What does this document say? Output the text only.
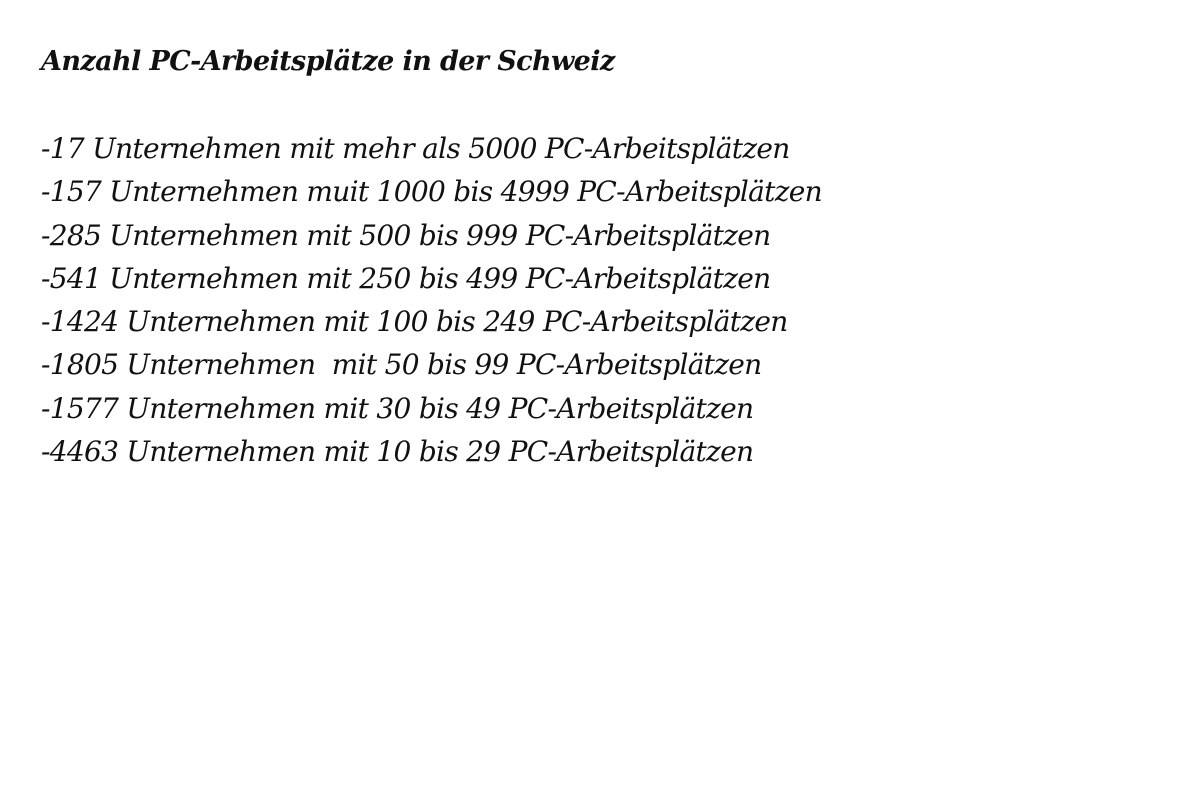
Anzahl PC-Arbeitsplätze in der Schweiz
-17 Unternehmen mit mehr als 5000 PC-Arbeitsplätzen
-157 Unternehmen muit 1000 bis 4999 PC-Arbeitsplätzen
-285 Unternehmen mit 500 bis 999 PC-Arbeitsplätzen
-541 Unternehmen mit 250 bis 499 PC-Arbeitsplätzen
-1424 Unternehmen mit 100 bis 249 PC-Arbeitsplätzen
-1805 Unternehmen  mit 50 bis 99 PC-Arbeitsplätzen
-1577 Unternehmen mit 30 bis 49 PC-Arbeitsplätzen
-4463 Unternehmen mit 10 bis 29 PC-Arbeitsplätzen
